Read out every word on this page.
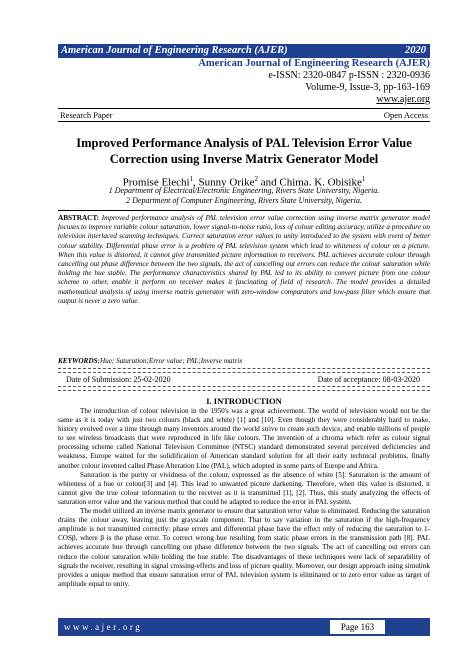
American Journal of Engineering Research (AJER)	2020
American Journal of Engineering Research (AJER)
e-ISSN: 2320-0847 p-ISSN : 2320-0936
Volume-9, Issue-3, pp-163-169
www.ajer.org
Research Paper	Open Access
Improved Performance Analysis of PAL Television Error Value
Correction using Inverse Matrix Generator Model
Promise Elechi$^1$, Sunny Orike$^2$ and Chima. K. Obisike$^1$
1 Department of Electrical/Electronic Engineering, Rivers State University, Nigeria.
2 Department of Computer Engineering, Rivers State University, Nigeria.
ABSTRACT: Improved performance analysis of PAL television error value correction using inverse matrix generator model focuses to improve variable colour saturation, lower signal-to-noise ratio, loss of colour editing accuracy, utilize a procedure on television interlaced scanning techniques. Correct saturation error values to unity introduced to the system with event of better colour stability. Differential phase error is a problem of PAL television system which lead to whiteness of colour on a picture. When this value is distorted, it cannot give transmitted picture information to receivers. PAL achieves accurate colour through cancelling out phase difference between the two signals, the act of cancelling out errors can reduce the colour saturation while holding the hue stable. The performance characteristics shared by PAL led to its ability to convert picture from one colour scheme to other, enable it perform on receiver makes it fascinating of field of research. The model provides a detailed mathematical analysis of using inverse matrix generator with zero-window comparators and low-pass filter which ensure that output is never a zero value.
KEYWORDS:Hue; Saturation;Error value; PAL;Inverse matrix
Date of Submission: 25-02-2020	Date of acceptance: 08-03-2020
I. INTRODUCTION

The introduction of colour television in the 1950's was a great achievement. The world of television would not be the same as it is today with just two colours (black and white) [1] and [10]. Even though they were considerably hard to make, history evolved over a time through many inventors around the world strive to create such device, and enable millions of people to see wireless broadcasts that were reproduced in life like colours. The invention of a chroma which refer as colour signal processing scheme called National Television Committee (NTSC) standard demonstrated several perceived deficiencies and weakness, Europe waited for the solidification of American standard solution for all their early technical problems, finally another colour invented called Phase Alteration Line (PAL), which adopted in some parts of Europe and Africa.

Saturation is the purity or vividness of the colour, expressed as the absence of white [5]. Saturation is the amount of whiteness of a hue or colour[3] and [4]. This lead to unwanted picture darkening. Therefore, when this value is distorted, it cannot give the true colour information to the receiver as it is transmitted [1], [2]. Thus, this study analyzing the effects of saturation error value and the various method that could be adapted to reduce the error in PAL system.

The model utilized an inverse matrix generator to ensure that saturation error value is eliminated. Reducing the saturation drains the colour away, leaving just the grayscale component. That to say variation in the saturation if the high-frequency amplitude is not transmitted correctly: phase errors and differential phase have the effect only of reducing the saturation to 1-COSβ, where β is the phase error. To correct wrong hue resulting from static phase errors in the transmission path [8]. PAL achieves accurate hue through cancelling out phase difference between the two signals. The act of cancelling out errors can reduce the colour saturation while holding the hue stable. The disadvantages of these techniques were lack of separability of signals the receiver, resulting in signal crossing-effects and loss of picture quality. Moreover, our design approach using simulink provides a unique method that ensure saturation error of PAL television system is eliminated or to zero error value as target of amplitude equal to unity.

www.ajer.org	Page 163
